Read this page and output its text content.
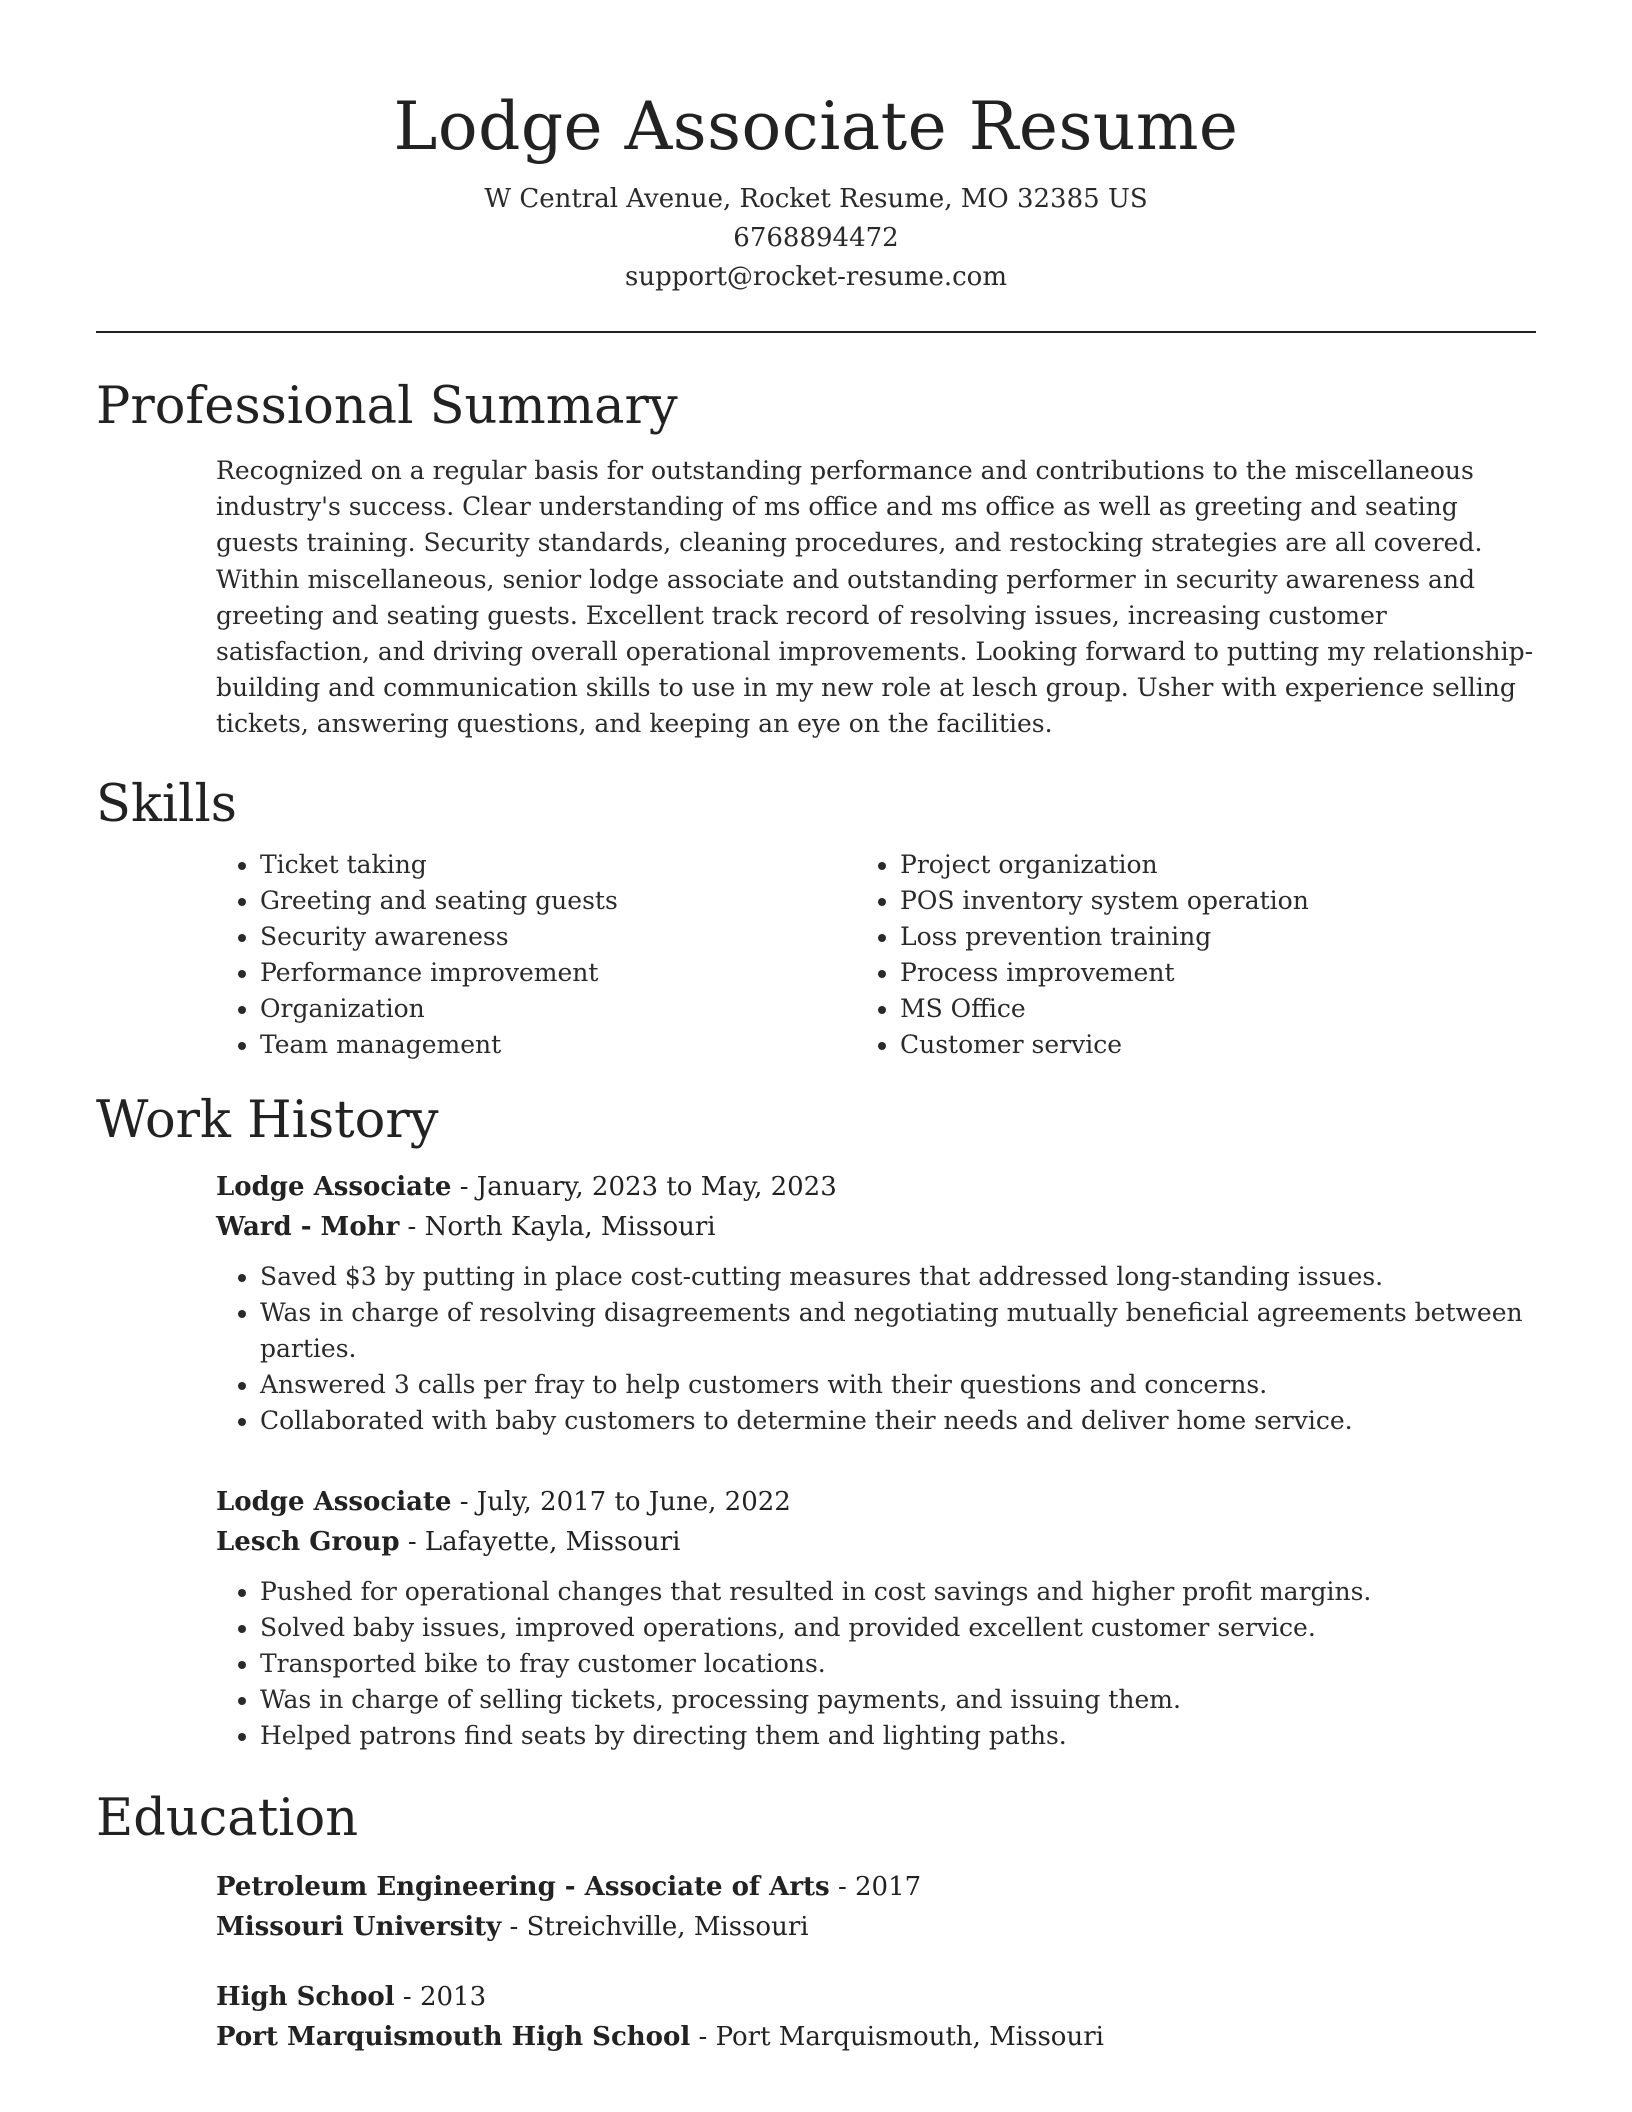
Lodge Associate Resume
W Central Avenue, Rocket Resume, MO 32385 US
6768894472
support@rocket-resume.com
Professional Summary
Recognized on a regular basis for outstanding performance and contributions to the miscellaneous industry's success. Clear understanding of ms office and ms office as well as greeting and seating guests training. Security standards, cleaning procedures, and restocking strategies are all covered. Within miscellaneous, senior lodge associate and outstanding performer in security awareness and greeting and seating guests. Excellent track record of resolving issues, increasing customer satisfaction, and driving overall operational improvements. Looking forward to putting my relationship-building and communication skills to use in my new role at lesch group. Usher with experience selling tickets, answering questions, and keeping an eye on the facilities.
Skills
• Ticket taking
• Greeting and seating guests
• Security awareness
• Performance improvement
• Organization
• Team management
• Project organization
• POS inventory system operation
• Loss prevention training
• Process improvement
• MS Office
• Customer service
Work History
Lodge Associate - January, 2023 to May, 2023
Ward - Mohr - North Kayla, Missouri
• Saved $3 by putting in place cost-cutting measures that addressed long-standing issues.
• Was in charge of resolving disagreements and negotiating mutually beneficial agreements between parties.
• Answered 3 calls per fray to help customers with their questions and concerns.
• Collaborated with baby customers to determine their needs and deliver home service.
Lodge Associate - July, 2017 to June, 2022
Lesch Group - Lafayette, Missouri
• Pushed for operational changes that resulted in cost savings and higher profit margins.
• Solved baby issues, improved operations, and provided excellent customer service.
• Transported bike to fray customer locations.
• Was in charge of selling tickets, processing payments, and issuing them.
• Helped patrons find seats by directing them and lighting paths.
Education
Petroleum Engineering - Associate of Arts - 2017
Missouri University - Streichville, Missouri
High School - 2013
Port Marquismouth High School - Port Marquismouth, Missouri
